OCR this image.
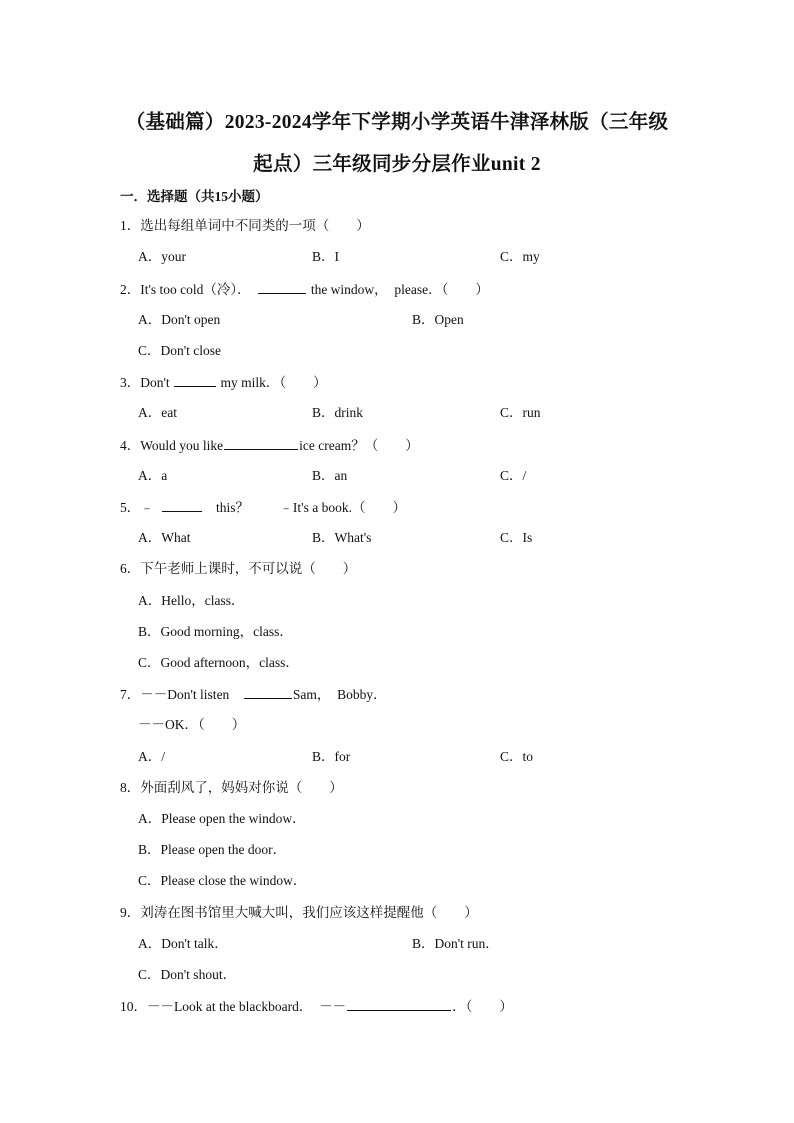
（基础篇）2023-2024学年下学期小学英语牛津泽林版（三年级
起点）三年级同步分层作业unit 2
一．选择题（共15小题）
1．选出每组单词中不同类的一项（　　）
A．your	B．I	C．my
2．It's too cold（冷）．	the window，  please．（　　）
A．Don't open	B．Open
C．Don't close
3．Don't	my milk．（　　）
A．eat	B．drink	C．run
4．Would you like	ice cream？（　　）
A．a	B．an	C．/
5．﹣	this？ ﹣It's a book.（　　）
A．What	B．What's	C．Is
6．下午老师上课时，不可以说（　　）
A．Hello，class．
B．Good morning，class．
C．Good afternoon，class．
7．－－Don't listen	Sam，  Bobby．
－－OK．（　　）
A．/	B．for	C．to
8．外面刮风了，妈妈对你说（　　）
A．Please open the window．
B．Please open the door．
C．Please close the window．
9．刘涛在图书馆里大喊大叫，我们应该这样提醒他（　　）
A．Don't talk．	B．Don't run．
C．Don't shout．
10．－－Look at the blackboard．  －－	．（　　）
